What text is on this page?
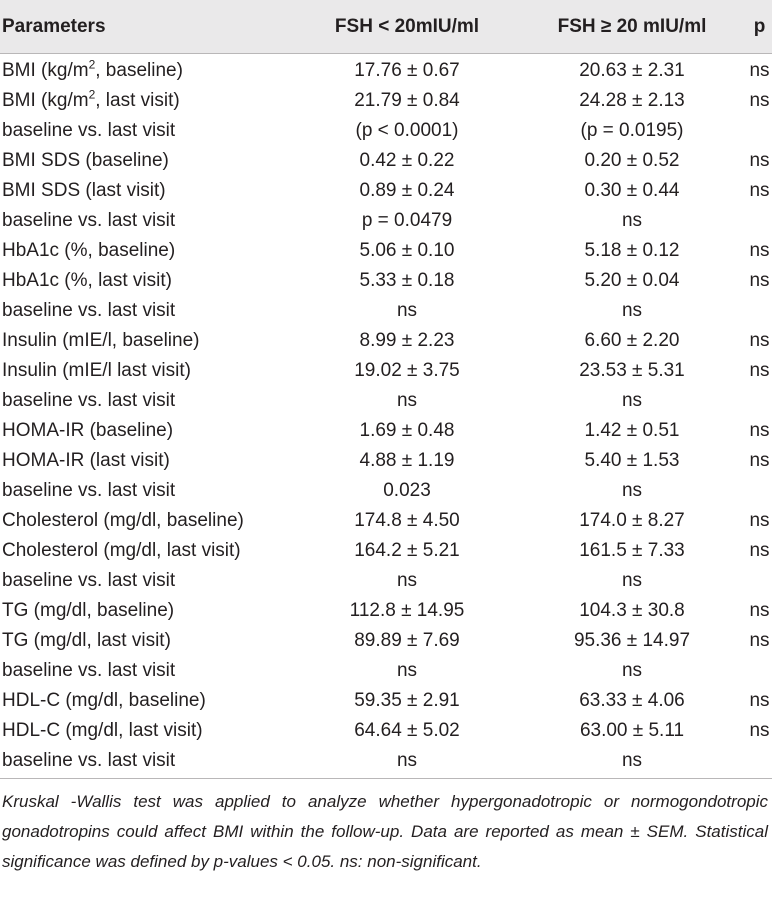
Parameters	FSH < 20mIU/ml	FSH ≥ 20 mIU/ml	p
BMI ($kg/m^2$, baseline)	17.76 ± 0.67	20.63 ± 2.31	ns
BMI ($kg/m^2$, last visit)	21.79 ± 0.84	24.28 ± 2.13	ns
baseline vs. last visit	(p < 0.0001)	(p = 0.0195)
BMI SDS (baseline)	0.42 ± 0.22	0.20 ± 0.52	ns
BMI SDS (last visit)	0.89 ± 0.24	0.30 ± 0.44	ns
baseline vs. last visit	p = 0.0479	ns
HbA1c (%, baseline)	5.06 ± 0.10	5.18 ± 0.12	ns
HbA1c (%, last visit)	5.33 ± 0.18	5.20 ± 0.04	ns
baseline vs. last visit	ns	ns
Insulin (mIE/l, baseline)	8.99 ± 2.23	6.60 ± 2.20	ns
Insulin (mIE/l last visit)	19.02 ± 3.75	23.53 ± 5.31	ns
baseline vs. last visit	ns	ns
HOMA-IR (baseline)	1.69 ± 0.48	1.42 ± 0.51	ns
HOMA-IR (last visit)	4.88 ± 1.19	5.40 ± 1.53	ns
baseline vs. last visit	0.023	ns
Cholesterol (mg/dl, baseline)	174.8 ± 4.50	174.0 ± 8.27	ns
Cholesterol (mg/dl, last visit)	164.2 ± 5.21	161.5 ± 7.33	ns
baseline vs. last visit	ns	ns
TG (mg/dl, baseline)	112.8 ± 14.95	104.3 ± 30.8	ns
TG (mg/dl, last visit)	89.89 ± 7.69	95.36 ± 14.97	ns
baseline vs. last visit	ns	ns
HDL-C (mg/dl, baseline)	59.35 ± 2.91	63.33 ± 4.06	ns
HDL-C (mg/dl, last visit)	64.64 ± 5.02	63.00 ± 5.11	ns
baseline vs. last visit	ns	ns
Kruskal -Wallis test was applied to analyze whether hypergonadotropic or normogondotropic gonadotropins could affect BMI within the follow-up. Data are reported as mean ± SEM. Statistical significance was defined by p-values < 0.05. ns: non-significant.
